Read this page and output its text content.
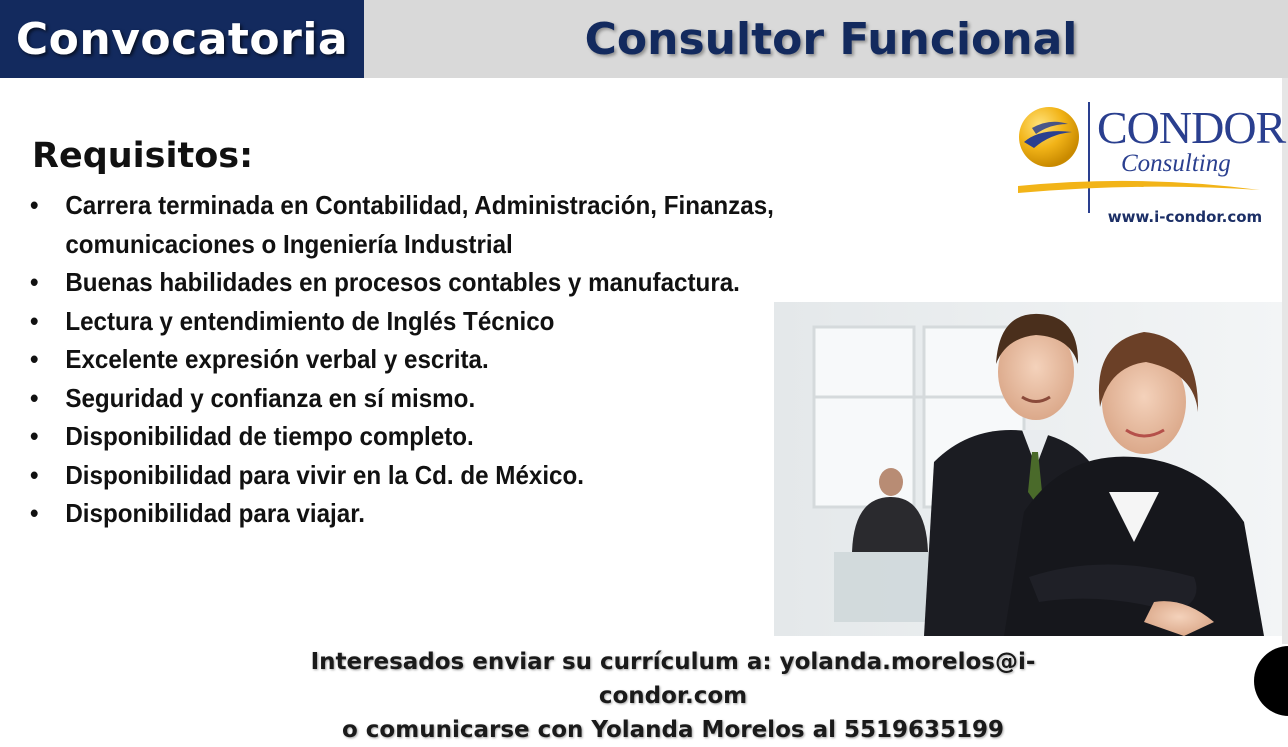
Convocatoria	Consultor Funcional
Requisitos:
• Carrera terminada en Contabilidad, Administración, Finanzas, comunicaciones o Ingeniería Industrial
• Buenas habilidades en procesos contables y manufactura.
• Lectura y entendimiento de Inglés Técnico
• Excelente expresión verbal y escrita.
• Seguridad y confianza en sí mismo.
• Disponibilidad de tiempo completo.
• Disponibilidad para vivir en la Cd. de México.
• Disponibilidad para viajar.
CONDOR
Consulting
www.i-condor.com
Interesados enviar su currículum a: yolanda.morelos@i-condor.com
o comunicarse con Yolanda Morelos al 5519635199
